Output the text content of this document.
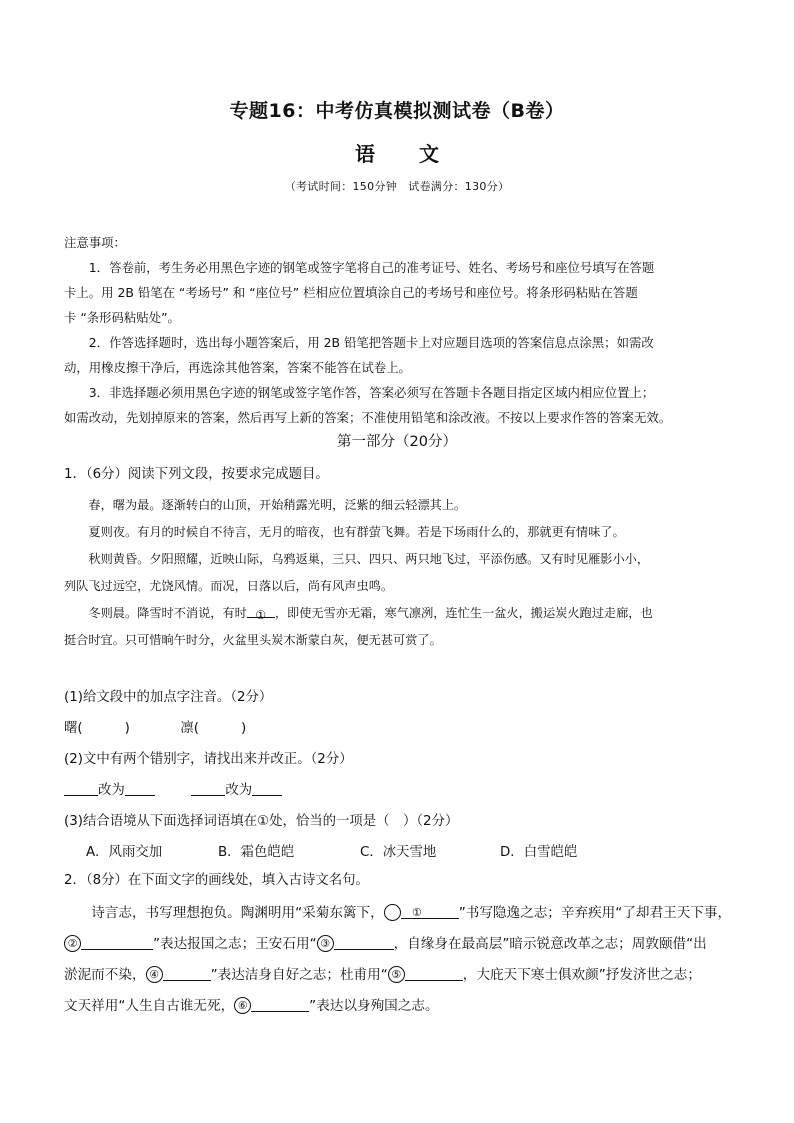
专题16：中考仿真模拟测试卷（B卷）
语 文
（考试时间：150分钟　试卷满分：130分）

注意事项：

1．答卷前，考生务必用黑色字迹的钢笔或签字笔将自己的准考证号、姓名、考场号和座位号填写在答题

卡上。用 2B 铅笔在 “考场号” 和 “座位号” 栏相应位置填涂自己的考场号和座位号。将条形码粘贴在答题

卡 “条形码粘贴处”。

2．作答选择题时，选出每小题答案后，用 2B 铅笔把答题卡上对应题目选项的答案信息点涂黑；如需改

动，用橡皮擦干净后，再选涂其他答案，答案不能答在试卷上。

3．非选择题必须用黑色字迹的钢笔或签字笔作答，答案必须写在答题卡各题目指定区域内相应位置上；

如需改动，先划掉原来的答案，然后再写上新的答案；不准使用铅笔和涂改液。不按以上要求作答的答案无效。

第一部分（20分）
1．（6分）阅读下列文段，按要求完成题目。

春，曙为最。逐渐转白的山顶，开始稍露光明，泛紫的细云轻漂其上。

夏则夜。有月的时候自不待言，无月的暗夜，也有群萤飞舞。若是下场雨什么的，那就更有情味了。

秋则黄昏。夕阳照耀，近映山际，乌鸦返巢，三只、四只、两只地飞过，平添伤感。又有时见雁影小小，

列队飞过远空，尤饶风情。而况，日落以后，尚有风声虫鸣。

冬则晨。降雪时不消说，有时 ① ，即使无雪亦无霜，寒气凛冽，连忙生一盆火，搬运炭火跑过走廊，也

挺合时宜。只可惜晌午时分，火盆里头炭木渐蒙白灰，便无甚可赏了。

(1)给文段中的加点字注音。（2分）

曙(	)	凛(	)

(2)文中有两个错别字，请找出来并改正。（2分）

改为	改为

(3)结合语境从下面选择词语填在①处，恰当的一项是（　）（2分）

A．风雨交加	B．霜色皑皑	C．冰天雪地	D．白雪皑皑

2．（8分）在下面文字的画线处，填入古诗文名句。

诗言志，书写理想抱负。陶渊明用“采菊东篱下，	①	”书写隐逸之志；辛弃疾用“了却君王天下事，

②	”表达报国之志；王安石用“ ③	，自缘身在最高层”暗示锐意改革之志；周敦颐借“出

淤泥而不染， ④	”表达洁身自好之志；杜甫用“ ⑤	，大庇天下寒士俱欢颜”抒发济世之志；

文天祥用“人生自古谁无死， ⑥	”表达以身殉国之志。
